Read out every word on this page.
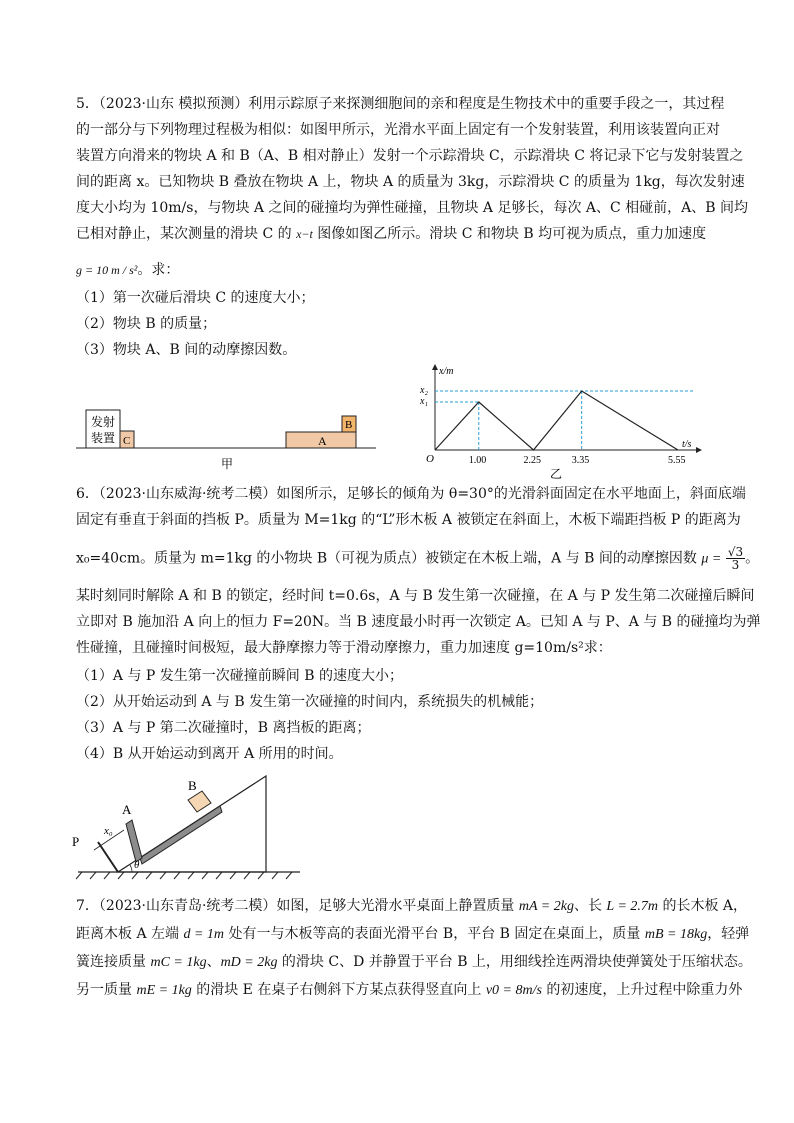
5．（2023·山东 模拟预测）利用示踪原子来探测细胞间的亲和程度是生物技术中的重要手段之一，其过程
的一部分与下列物理过程极为相似：如图甲所示，光滑水平面上固定有一个发射装置，利用该装置向正对
装置方向滑来的物块 A 和 B（A、B 相对静止）发射一个示踪滑块 C，示踪滑块 C 将记录下它与发射装置之
间的距离 x。已知物块 B 叠放在物块 A 上，物块 A 的质量为 3kg，示踪滑块 C 的质量为 1kg，每次发射速
度大小均为 10m/s，与物块 A 之间的碰撞均为弹性碰撞，且物块 A 足够长，每次 A、C 相碰前，A、B 间均
已相对静止，某次测量的滑块 C 的 x−t 图像如图乙所示。滑块 C 和物块 B 均可视为质点，重力加速度
g = 10 m / s²。求：
（1）第一次碰后滑块 C 的速度大小；
（2）物块 B 的质量；
（3）物块 A、B 间的动摩擦因数。
发射
装置 C	A
B
甲
x/m
t/s
O
x₂
x₁
1.00	2.25	3.35	5.55
乙
6．（2023·山东威海·统考二模）如图所示，足够长的倾角为 θ=30°的光滑斜面固定在水平地面上，斜面底端
固定有垂直于斜面的挡板 P。质量为 M=1kg 的“L”形木板 A 被锁定在斜面上，木板下端距挡板 P 的距离为
x₀=40cm。质量为 m=1kg 的小物块 B（可视为质点）被锁定在木板上端，A 与 B 间的动摩擦因数 $\mu = \frac{√3}{3}$ 。
某时刻同时解除 A 和 B 的锁定，经时间 t=0.6s，A 与 B 发生第一次碰撞，在 A 与 P 发生第二次碰撞后瞬间
立即对 B 施加沿 A 向上的恒力 F=20N。当 B 速度最小时再一次锁定 A。已知 A 与 P、A 与 B 的碰撞均为弹
性碰撞，且碰撞时间极短，最大静摩擦力等于滑动摩擦力，重力加速度 g=10m/s²求：
（1）A 与 P 发生第一次碰撞前瞬间 B 的速度大小；
（2）从开始运动到 A 与 B 发生第一次碰撞的时间内，系统损失的机械能；
（3）A 与 P 第二次碰撞时，B 离挡板的距离；
（4）B 从开始运动到离开 A 所用的时间。
P
A
B
x₀
θ
7．（2023·山东青岛·统考二模）如图，足够大光滑水平桌面上静置质量 mA = 2kg、长 L = 2.7m 的长木板 A，
距离木板 A 左端 d = 1m 处有一与木板等高的表面光滑平台 B，平台 B 固定在桌面上，质量 mB = 18kg，轻弹
簧连接质量 mC = 1kg、mD = 2kg 的滑块 C、D 并静置于平台 B 上，用细线拴连两滑块使弹簧处于压缩状态。
另一质量 mE = 1kg 的滑块 E 在桌子右侧斜下方某点获得竖直向上 v0 = 8m/s 的初速度，上升过程中除重力外
